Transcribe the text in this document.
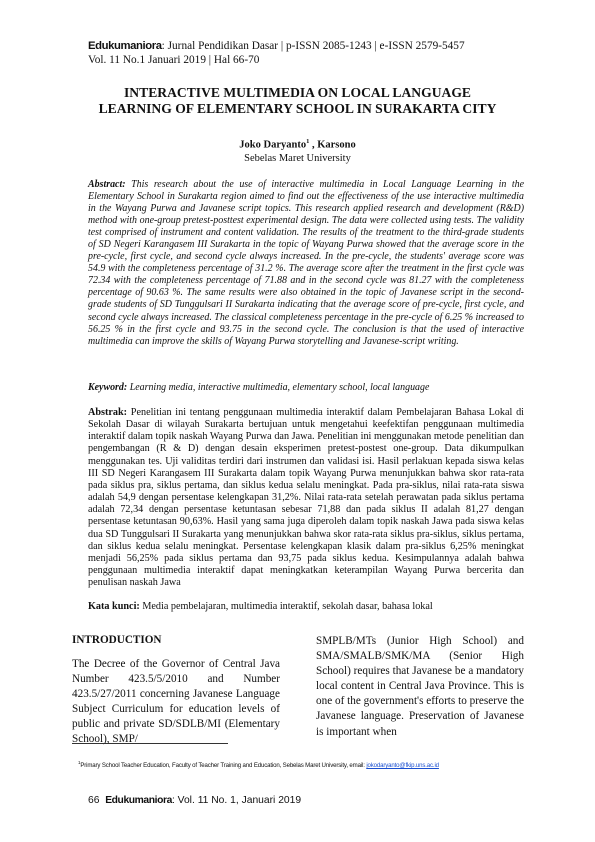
Edukumaniora: Jurnal Pendidikan Dasar | p-ISSN 2085-1243 | e-ISSN 2579-5457
Vol. 11 No.1 Januari 2019 | Hal 66-70
INTERACTIVE MULTIMEDIA ON LOCAL LANGUAGE
LEARNING OF ELEMENTARY SCHOOL IN SURAKARTA CITY
Joko Daryanto$^1$ , Karsono
Sebelas Maret University
Abstract: This research about the use of interactive multimedia in Local Language Learning in the Elementary School in Surakarta region aimed to find out the effectiveness of the use interactive multimedia in the Wayang Purwa and Javanese script topics. This research applied research and development (R&D) method with one-group pretest-posttest experimental design. The data were collected using tests. The validity test comprised of instrument and content validation. The results of the treatment to the third-grade students of SD Negeri Karangasem III Surakarta in the topic of Wayang Purwa showed that the average score in the pre-cycle, first cycle, and second cycle always increased. In the pre-cycle, the students' average score was 54.9 with the completeness percentage of 31.2 %. The average score after the treatment in the first cycle was 72.34 with the completeness percentage of 71.88 and in the second cycle was 81.27 with the completeness percentage of 90.63 %. The same results were also obtained in the topic of Javanese script in the second-grade students of SD Tunggulsari II Surakarta indicating that the average score of pre-cycle, first cycle, and second cycle always increased. The classical completeness percentage in the pre-cycle of 6.25 % increased to 56.25 % in the first cycle and 93.75 in the second cycle. The conclusion is that the used of interactive multimedia can improve the skills of Wayang Purwa storytelling and Javanese-script writing.
Keyword: Learning media, interactive multimedia, elementary school, local language
Abstrak: Penelitian ini tentang penggunaan multimedia interaktif dalam Pembelajaran Bahasa Lokal di Sekolah Dasar di wilayah Surakarta bertujuan untuk mengetahui keefektifan penggunaan multimedia interaktif dalam topik naskah Wayang Purwa dan Jawa. Penelitian ini menggunakan metode penelitian dan pengembangan (R & D) dengan desain eksperimen pretest-postest one-group. Data dikumpulkan menggunakan tes. Uji validitas terdiri dari instrumen dan validasi isi. Hasil perlakuan kepada siswa kelas III SD Negeri Karangasem III Surakarta dalam topik Wayang Purwa menunjukkan bahwa skor rata-rata pada siklus pra, siklus pertama, dan siklus kedua selalu meningkat. Pada pra-siklus, nilai rata-rata siswa adalah 54,9 dengan persentase kelengkapan 31,2%. Nilai rata-rata setelah perawatan pada siklus pertama adalah 72,34 dengan persentase ketuntasan sebesar 71,88 dan pada siklus II adalah 81,27 dengan persentase ketuntasan 90,63%. Hasil yang sama juga diperoleh dalam topik naskah Jawa pada siswa kelas dua SD Tunggulsari II Surakarta yang menunjukkan bahwa skor rata-rata siklus pra-siklus, siklus pertama, dan siklus kedua selalu meningkat. Persentase kelengkapan klasik dalam pra-siklus 6,25% meningkat menjadi 56,25% pada siklus pertama dan 93,75 pada siklus kedua. Kesimpulannya adalah bahwa penggunaan multimedia interaktif dapat meningkatkan keterampilan Wayang Purwa bercerita dan penulisan naskah Jawa
Kata kunci: Media pembelajaran, multimedia interaktif, sekolah dasar, bahasa lokal
INTRODUCTION
The Decree of the Governor of Central Java Number 423.5/5/2010 and Number 423.5/27/2011 concerning Javanese Language Subject Curriculum for education levels of public and private SD/SDLB/MI (Elementary School), SMP/
SMPLB/MTs (Junior High School) and SMA/SMALB/SMK/MA (Senior High School) requires that Javanese be a mandatory local content in Central Java Province. This is one of the government's efforts to preserve the Javanese language. Preservation of Javanese is important when
$^1$Primary School Teacher Education, Faculty of Teacher Training and Education, Sebelas Maret University, email: jokodaryanto@fkip.uns.ac.id
66 Edukumaniora: Vol. 11 No. 1, Januari 2019
